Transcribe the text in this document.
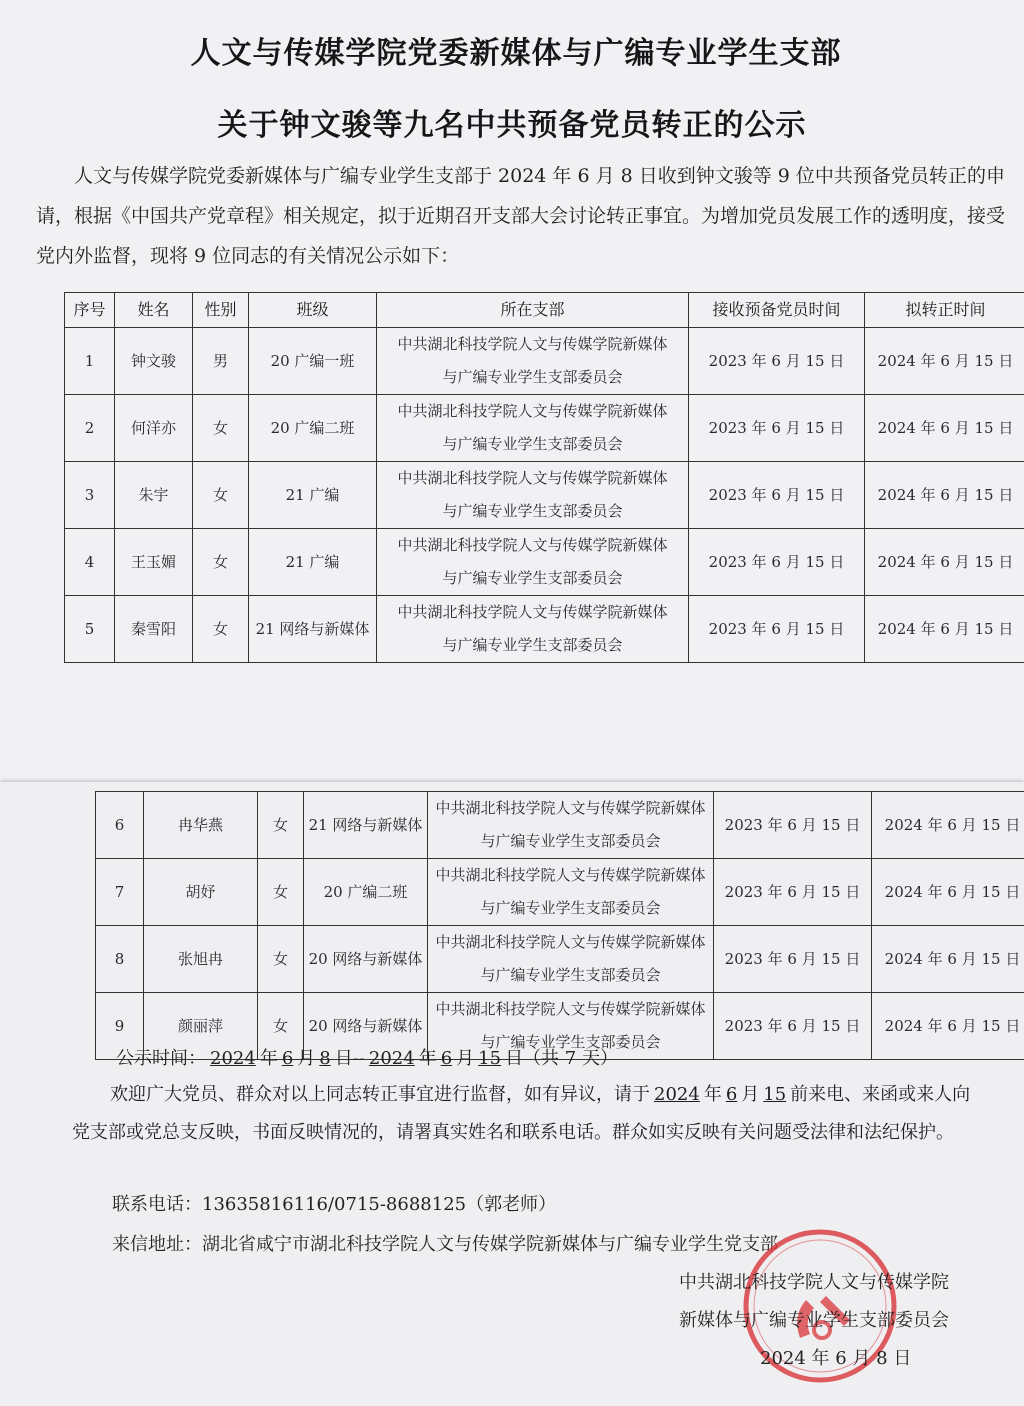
人文与传媒学院党委新媒体与广编专业学生支部
关于钟文骏等九名中共预备党员转正的公示
人文与传媒学院党委新媒体与广编专业学生支部于 2024 年 6 月 8 日收到钟文骏等 9 位中共预备党员转正的申请，根据《中国共产党章程》相关规定，拟于近期召开支部大会讨论转正事宜。为增加党员发展工作的透明度，接受党内外监督，现将 9 位同志的有关情况公示如下：
序号	姓名	性别	班级	所在支部	接收预备党员时间	拟转正时间
1	钟文骏	男	20 广编一班	中共湖北科技学院人文与传媒学院新媒体
与广编专业学生支部委员会	2023 年 6 月 15 日	2024 年 6 月 15 日
2	何洋亦	女	20 广编二班	中共湖北科技学院人文与传媒学院新媒体
与广编专业学生支部委员会	2023 年 6 月 15 日	2024 年 6 月 15 日
3	朱宇	女	21 广编	中共湖北科技学院人文与传媒学院新媒体
与广编专业学生支部委员会	2023 年 6 月 15 日	2024 年 6 月 15 日
4	王玉媚	女	21 广编	中共湖北科技学院人文与传媒学院新媒体
与广编专业学生支部委员会	2023 年 6 月 15 日	2024 年 6 月 15 日
5	秦雪阳	女	21 网络与新媒体	中共湖北科技学院人文与传媒学院新媒体
与广编专业学生支部委员会	2023 年 6 月 15 日	2024 年 6 月 15 日
6	冉华燕	女	21 网络与新媒体	中共湖北科技学院人文与传媒学院新媒体
与广编专业学生支部委员会	2023 年 6 月 15 日	2024 年 6 月 15 日
7	胡妤	女	20 广编二班	中共湖北科技学院人文与传媒学院新媒体
与广编专业学生支部委员会	2023 年 6 月 15 日	2024 年 6 月 15 日
8	张旭冉	女	20 网络与新媒体	中共湖北科技学院人文与传媒学院新媒体
与广编专业学生支部委员会	2023 年 6 月 15 日	2024 年 6 月 15 日
9	颜丽萍	女	20 网络与新媒体	中共湖北科技学院人文与传媒学院新媒体
与广编专业学生支部委员会	2023 年 6 月 15 日	2024 年 6 月 15 日
公示时间： 2024 年 6 月 8 日-- 2024 年 6 月 15 日（共 7 天）
欢迎广大党员、群众对以上同志转正事宜进行监督，如有异议，请于 2024 年 6 月 15 前来电、来函或来人向党支部或党总支反映，书面反映情况的，请署真实姓名和联系电话。群众如实反映有关问题受法律和法纪保护。
联系电话：13635816116/0715-8688125（郭老师）
来信地址：湖北省咸宁市湖北科技学院人文与传媒学院新媒体与广编专业学生党支部
中共湖北科技学院人文与传媒学院
新媒体与广编专业学生支部委员会
2024 年 6 月 8 日
